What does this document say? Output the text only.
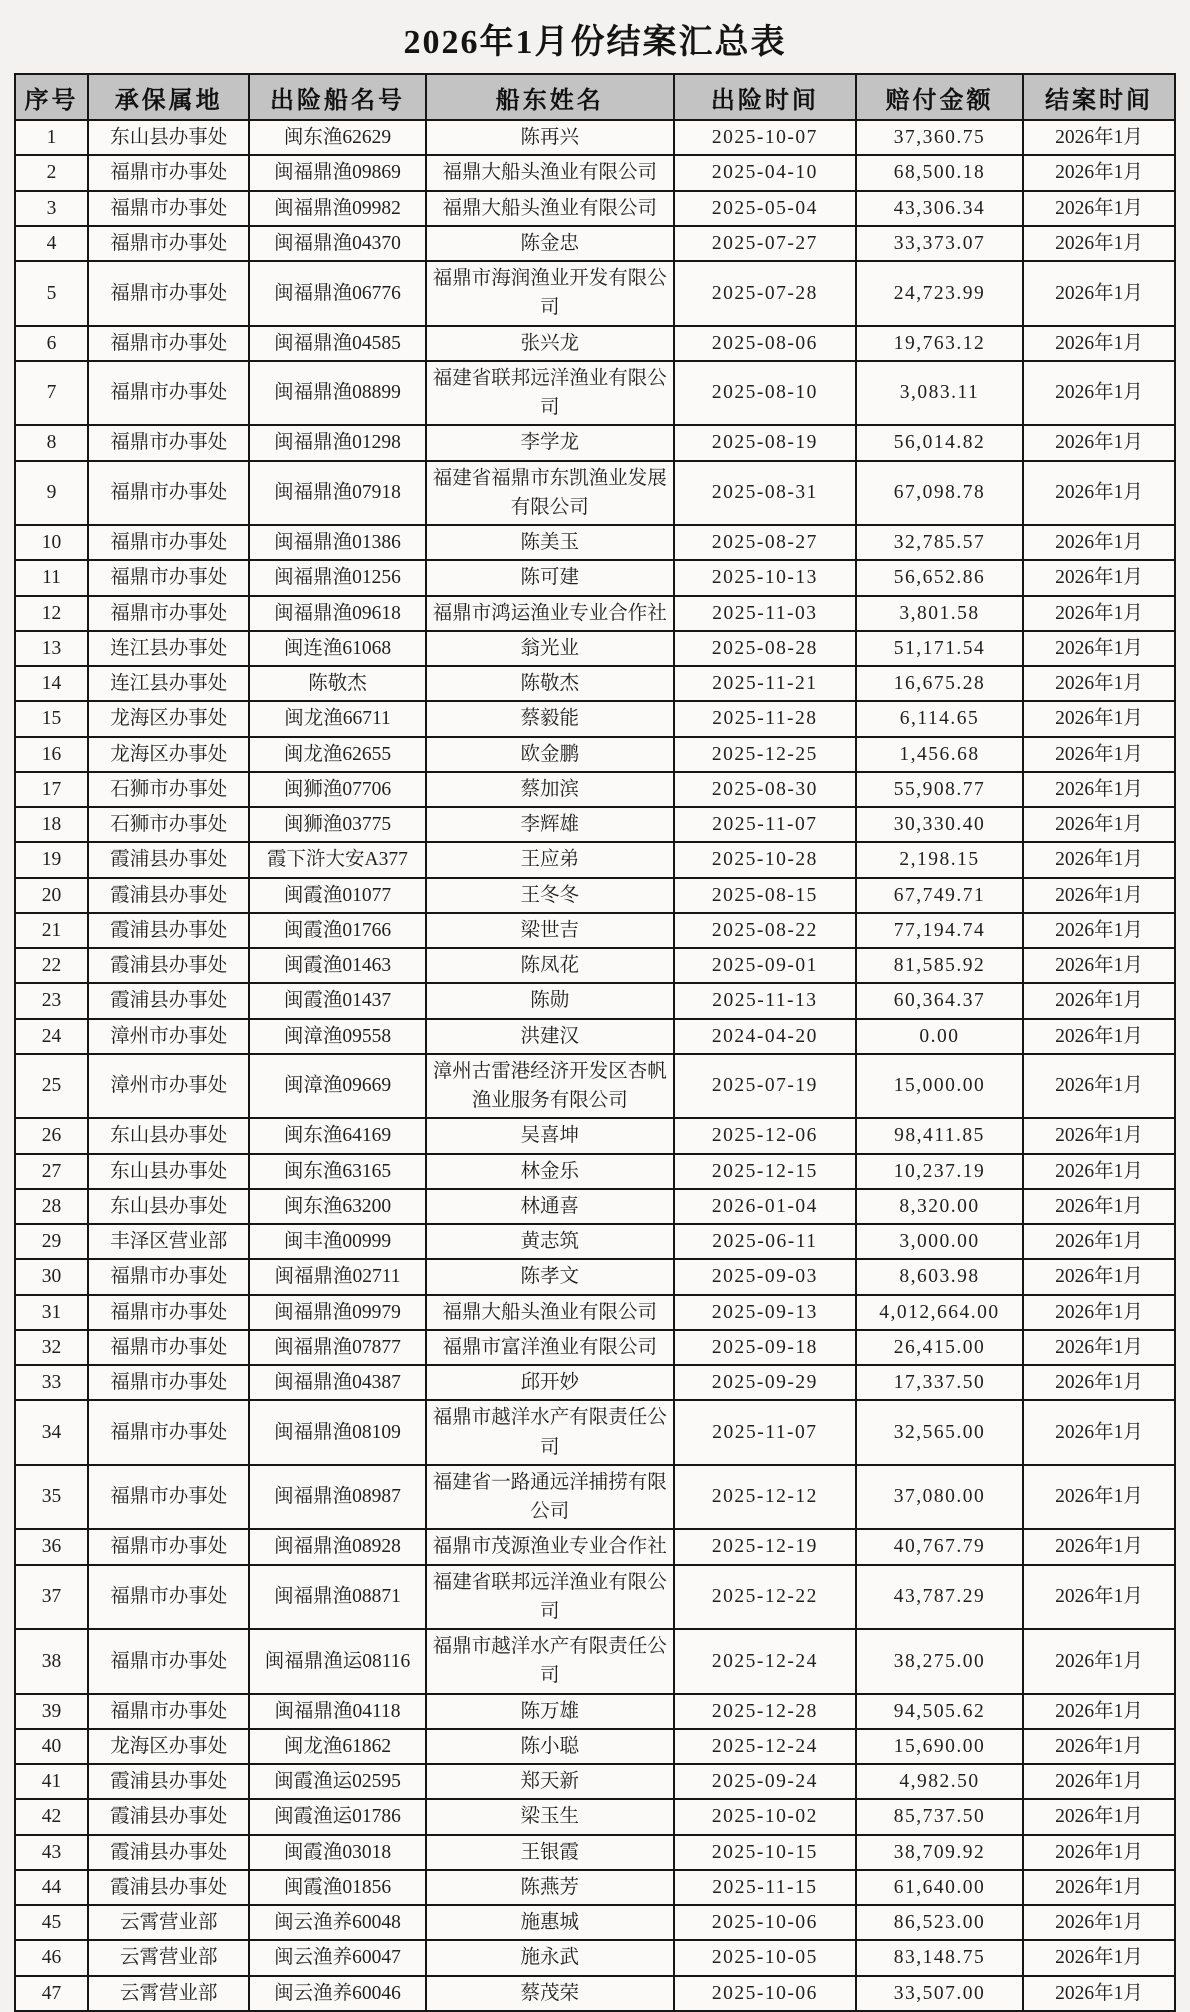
2026年1月份结案汇总表
序号	承保属地	出险船名号	船东姓名	出险时间	赔付金额	结案时间
1	东山县办事处	闽东渔62629	陈再兴	2025-10-07	37,360.75	2026年1月
2	福鼎市办事处	闽福鼎渔09869	福鼎大船头渔业有限公司	2025-04-10	68,500.18	2026年1月
3	福鼎市办事处	闽福鼎渔09982	福鼎大船头渔业有限公司	2025-05-04	43,306.34	2026年1月
4	福鼎市办事处	闽福鼎渔04370	陈金忠	2025-07-27	33,373.07	2026年1月
5	福鼎市办事处	闽福鼎渔06776	福鼎市海润渔业开发有限公司	2025-07-28	24,723.99	2026年1月
6	福鼎市办事处	闽福鼎渔04585	张兴龙	2025-08-06	19,763.12	2026年1月
7	福鼎市办事处	闽福鼎渔08899	福建省联邦远洋渔业有限公司	2025-08-10	3,083.11	2026年1月
8	福鼎市办事处	闽福鼎渔01298	李学龙	2025-08-19	56,014.82	2026年1月
9	福鼎市办事处	闽福鼎渔07918	福建省福鼎市东凯渔业发展有限公司	2025-08-31	67,098.78	2026年1月
10	福鼎市办事处	闽福鼎渔01386	陈美玉	2025-08-27	32,785.57	2026年1月
11	福鼎市办事处	闽福鼎渔01256	陈可建	2025-10-13	56,652.86	2026年1月
12	福鼎市办事处	闽福鼎渔09618	福鼎市鸿运渔业专业合作社	2025-11-03	3,801.58	2026年1月
13	连江县办事处	闽连渔61068	翁光业	2025-08-28	51,171.54	2026年1月
14	连江县办事处	陈敬杰	陈敬杰	2025-11-21	16,675.28	2026年1月
15	龙海区办事处	闽龙渔66711	蔡毅能	2025-11-28	6,114.65	2026年1月
16	龙海区办事处	闽龙渔62655	欧金鹏	2025-12-25	1,456.68	2026年1月
17	石狮市办事处	闽狮渔07706	蔡加滨	2025-08-30	55,908.77	2026年1月
18	石狮市办事处	闽狮渔03775	李辉雄	2025-11-07	30,330.40	2026年1月
19	霞浦县办事处	霞下浒大安A377	王应弟	2025-10-28	2,198.15	2026年1月
20	霞浦县办事处	闽霞渔01077	王冬冬	2025-08-15	67,749.71	2026年1月
21	霞浦县办事处	闽霞渔01766	梁世吉	2025-08-22	77,194.74	2026年1月
22	霞浦县办事处	闽霞渔01463	陈凤花	2025-09-01	81,585.92	2026年1月
23	霞浦县办事处	闽霞渔01437	陈勋	2025-11-13	60,364.37	2026年1月
24	漳州市办事处	闽漳渔09558	洪建汉	2024-04-20	0.00	2026年1月
25	漳州市办事处	闽漳渔09669	漳州古雷港经济开发区杏帆渔业服务有限公司	2025-07-19	15,000.00	2026年1月
26	东山县办事处	闽东渔64169	吴喜坤	2025-12-06	98,411.85	2026年1月
27	东山县办事处	闽东渔63165	林金乐	2025-12-15	10,237.19	2026年1月
28	东山县办事处	闽东渔63200	林通喜	2026-01-04	8,320.00	2026年1月
29	丰泽区营业部	闽丰渔00999	黄志筑	2025-06-11	3,000.00	2026年1月
30	福鼎市办事处	闽福鼎渔02711	陈孝文	2025-09-03	8,603.98	2026年1月
31	福鼎市办事处	闽福鼎渔09979	福鼎大船头渔业有限公司	2025-09-13	4,012,664.00	2026年1月
32	福鼎市办事处	闽福鼎渔07877	福鼎市富洋渔业有限公司	2025-09-18	26,415.00	2026年1月
33	福鼎市办事处	闽福鼎渔04387	邱开妙	2025-09-29	17,337.50	2026年1月
34	福鼎市办事处	闽福鼎渔08109	福鼎市越洋水产有限责任公司	2025-11-07	32,565.00	2026年1月
35	福鼎市办事处	闽福鼎渔08987	福建省一路通远洋捕捞有限公司	2025-12-12	37,080.00	2026年1月
36	福鼎市办事处	闽福鼎渔08928	福鼎市茂源渔业专业合作社	2025-12-19	40,767.79	2026年1月
37	福鼎市办事处	闽福鼎渔08871	福建省联邦远洋渔业有限公司	2025-12-22	43,787.29	2026年1月
38	福鼎市办事处	闽福鼎渔运08116	福鼎市越洋水产有限责任公司	2025-12-24	38,275.00	2026年1月
39	福鼎市办事处	闽福鼎渔04118	陈万雄	2025-12-28	94,505.62	2026年1月
40	龙海区办事处	闽龙渔61862	陈小聪	2025-12-24	15,690.00	2026年1月
41	霞浦县办事处	闽霞渔运02595	郑天新	2025-09-24	4,982.50	2026年1月
42	霞浦县办事处	闽霞渔运01786	梁玉生	2025-10-02	85,737.50	2026年1月
43	霞浦县办事处	闽霞渔03018	王银霞	2025-10-15	38,709.92	2026年1月
44	霞浦县办事处	闽霞渔01856	陈燕芳	2025-11-15	61,640.00	2026年1月
45	云霄营业部	闽云渔养60048	施惠城	2025-10-06	86,523.00	2026年1月
46	云霄营业部	闽云渔养60047	施永武	2025-10-05	83,148.75	2026年1月
47	云霄营业部	闽云渔养60046	蔡茂荣	2025-10-06	33,507.00	2026年1月
